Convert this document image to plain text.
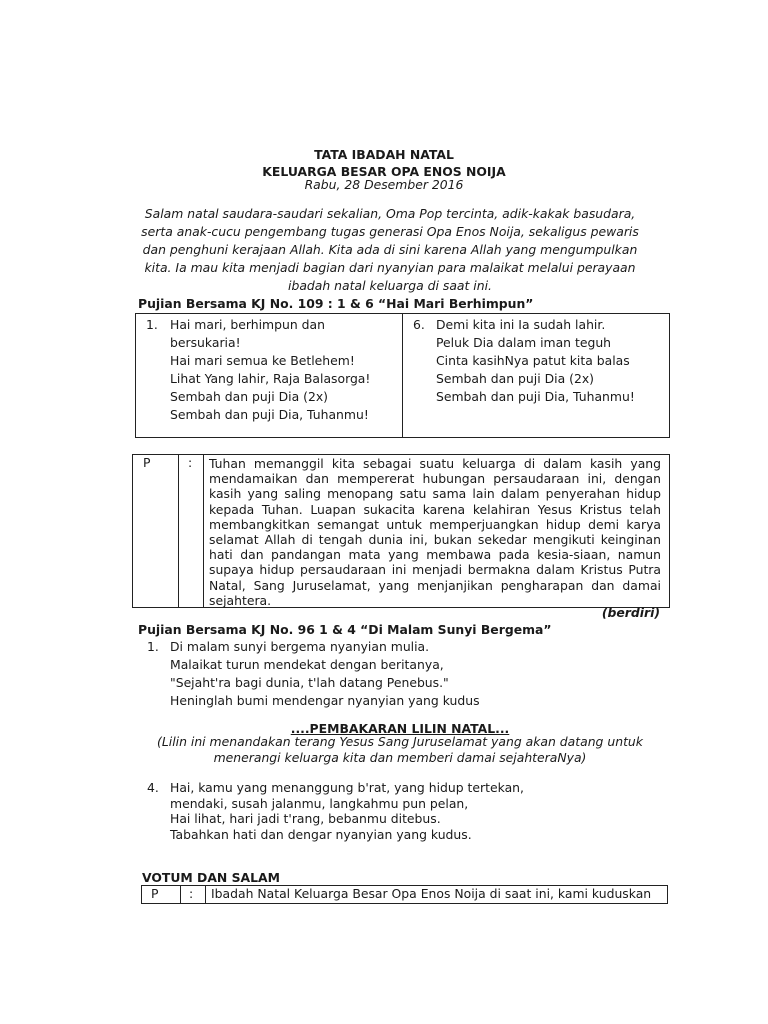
TATA IBADAH NATAL
KELUARGA BESAR OPA ENOS NOIJA
Rabu, 28 Desember 2016
Salam natal saudara-saudari sekalian, Oma Pop tercinta, adik-kakak basudara,
serta anak-cucu pengembang tugas generasi Opa Enos Noija, sekaligus pewaris
dan penghuni kerajaan Allah. Kita ada di sini karena Allah yang mengumpulkan
kita. Ia mau kita menjadi bagian dari nyanyian para malaikat melalui perayaan
ibadah natal keluarga di saat ini.
Pujian Bersama KJ No. 109 : 1 & 6 “Hai Mari Berhimpun”
1. Hai mari, berhimpun dan
bersukaria!
Hai mari semua ke Betlehem!
Lihat Yang lahir, Raja Balasorga!
Sembah dan puji Dia (2x)
Sembah dan puji Dia, Tuhanmu!
6. Demi kita ini Ia sudah lahir.
Peluk Dia dalam iman teguh
Cinta kasihNya patut kita balas
Sembah dan puji Dia (2x)
Sembah dan puji Dia, Tuhanmu!
P	: Tuhan memanggil kita sebagai suatu keluarga di dalam kasih yang
mendamaikan dan mempererat hubungan persaudaraan ini, dengan
kasih yang saling menopang satu sama lain dalam penyerahan hidup
kepada Tuhan. Luapan sukacita karena kelahiran Yesus Kristus telah
membangkitkan semangat untuk memperjuangkan hidup demi karya
selamat Allah di tengah dunia ini, bukan sekedar mengikuti keinginan
hati dan pandangan mata yang membawa pada kesia-siaan, namun
supaya hidup persaudaraan ini menjadi bermakna dalam Kristus Putra
Natal, Sang Juruselamat, yang menjanjikan pengharapan dan damai
sejahtera.
(berdiri)
Pujian Bersama KJ No. 96 1 & 4 “Di Malam Sunyi Bergema”
1. Di malam sunyi bergema nyanyian mulia.
Malaikat turun mendekat dengan beritanya,
"Sejaht'ra bagi dunia, t'lah datang Penebus."
Heninglah bumi mendengar nyanyian yang kudus
....PEMBAKARAN LILIN NATAL...
(Lilin ini menandakan terang Yesus Sang Juruselamat yang akan datang untuk
menerangi keluarga kita dan memberi damai sejahteraNya)
4. Hai, kamu yang menanggung b'rat, yang hidup tertekan,
mendaki, susah jalanmu, langkahmu pun pelan,
Hai lihat, hari jadi t'rang, bebanmu ditebus.
Tabahkan hati dan dengar nyanyian yang kudus.
VOTUM DAN SALAM
P : Ibadah Natal Keluarga Besar Opa Enos Noija di saat ini, kami kuduskan
